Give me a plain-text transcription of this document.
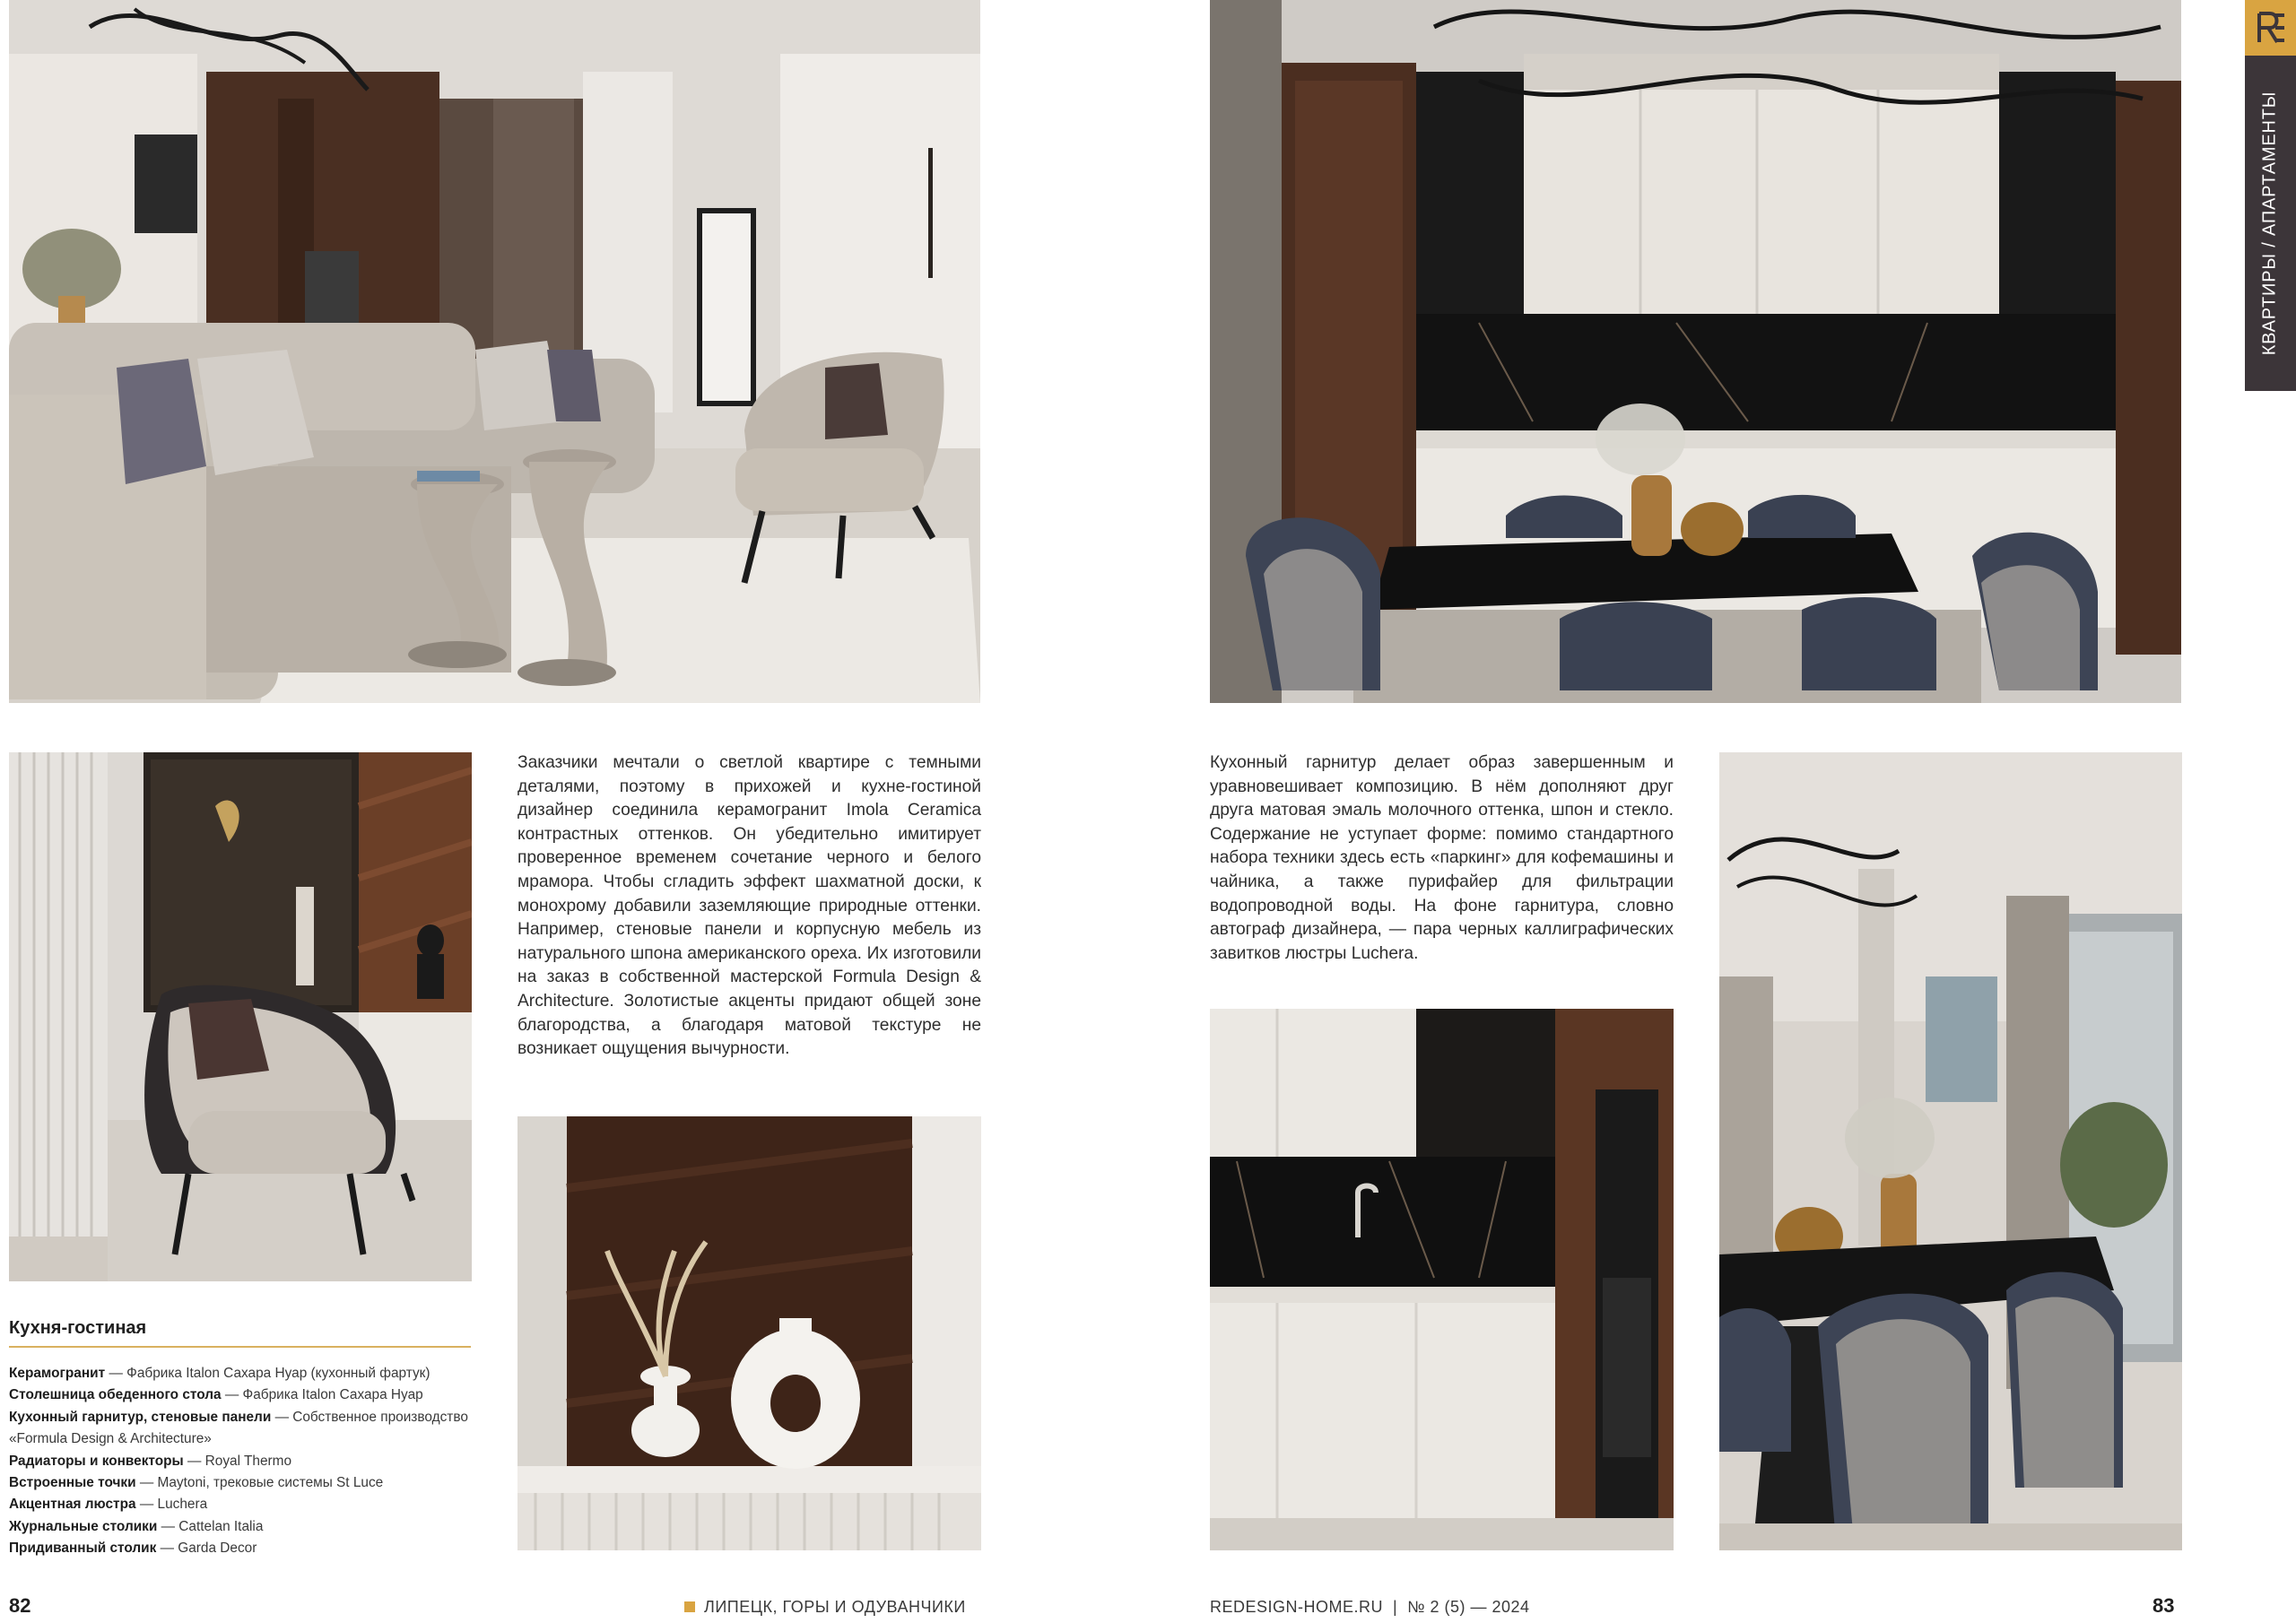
Заказчики мечтали о светлой квартире с темными деталями, поэтому в прихожей и кухне-гостиной дизайнер соединила керамогранит Imola Ceramica контрастных оттенков. Он убедительно имитирует проверенное временем сочетание черного и белого мрамора. Чтобы сгладить эффект шахматной доски, к монохрому добавили заземляющие природные оттенки. Например, стеновые панели и корпусную мебель из натурального шпона американского ореха. Их изготовили на заказ в собственной мастерской Formula Design & Architecture. Золотистые акценты придают общей зоне благородства, а благодаря матовой текстуре не возникает ощущения вычурности.

Кухонный гарнитур делает образ завершенным и уравновешивает композицию. В нём дополняют друг друга матовая эмаль молочного оттенка, шпон и стекло. Содержание не уступает форме: помимо стандартного набора техники здесь есть «паркинг» для кофемашины и чайника, а также пурифайер для фильтрации водопроводной воды. На фоне гарнитура, словно автограф дизайнера, — пара черных каллиграфических завитков люстры Luchera.

Кухня-гостиная
Керамогранит — Фабрика Italon Сахара Нуар (кухонный фартук)
Столешница обеденного стола — Фабрика Italon Сахара Нуар
Кухонный гарнитур, стеновые панели — Собственное производство «Formula Design & Architecture»
Радиаторы и конвекторы — Royal Thermo
Встроенные точки — Maytoni, трековые системы St Luce
Акцентная люстра — Luchera
Журнальные столики — Cattelan Italia
Придиванный столик — Garda Decor
КВАРТИРЫ / АПАРТАМЕНТЫ
82	ЛИПЕЦК, ГОРЫ И ОДУВАНЧИКИ	REDESIGN-HOME.RU  |  № 2 (5) — 2024	83
